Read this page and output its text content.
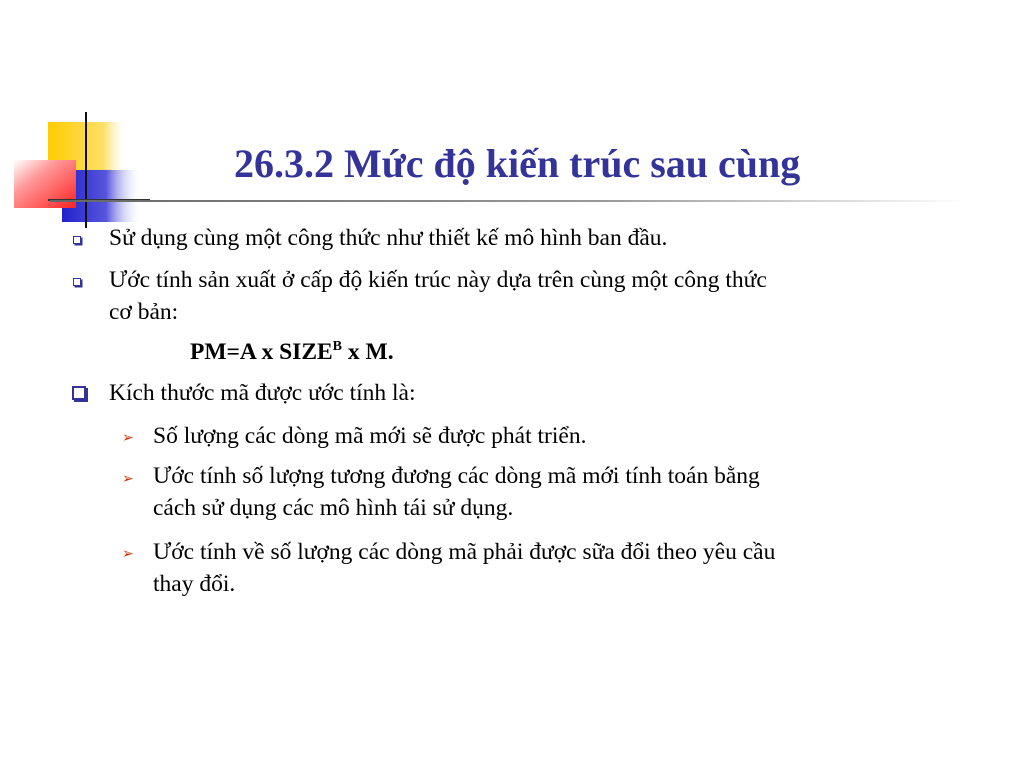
26.3.2 Mức độ kiến trúc sau cùng
Sử dụng cùng một công thức như thiết kế mô hình ban đầu.
Ước tính sản xuất ở cấp độ kiến trúc này dựa trên cùng một công thức
cơ bản:
PM=A x $SIZE^B$ x M.
Kích thước mã được ước tính là:
➢ Số lượng các dòng mã mới sẽ được phát triển.
➢ Ước tính số lượng tương đương các dòng mã mới tính toán bằng
cách sử dụng các mô hình tái sử dụng.
➢ Ước tính về số lượng các dòng mã phải được sữa đổi theo yêu cầu
thay đổi.
